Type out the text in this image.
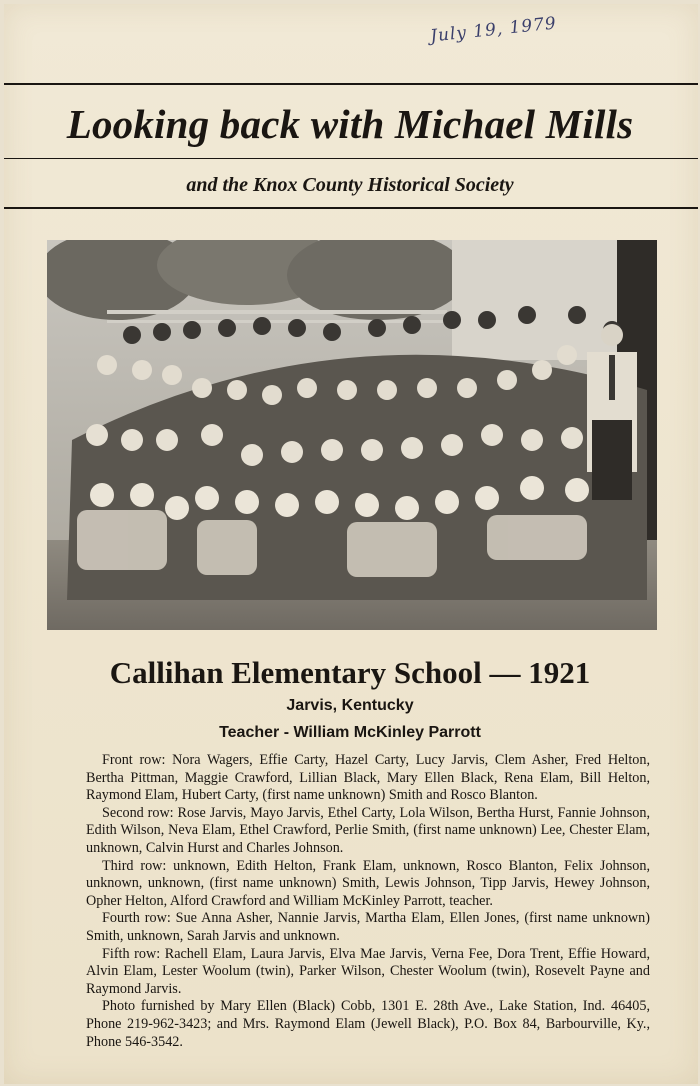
July 19, 1979
Looking back with Michael Mills
and the Knox County Historical Society
Callihan Elementary School — 1921
Jarvis, Kentucky
Teacher - William McKinley Parrott

Front row: Nora Wagers, Effie Carty, Hazel Carty, Lucy Jarvis, Clem Asher, Fred Helton, Bertha Pittman, Maggie Crawford, Lillian Black, Mary Ellen Black, Rena Elam, Bill Helton, Raymond Elam, Hubert Carty, (first name unknown) Smith and Rosco Blanton.

Second row: Rose Jarvis, Mayo Jarvis, Ethel Carty, Lola Wilson, Bertha Hurst, Fannie Johnson, Edith Wilson, Neva Elam, Ethel Crawford, Perlie Smith, (first name unknown) Lee, Chester Elam, unknown, Calvin Hurst and Charles Johnson.

Third row: unknown, Edith Helton, Frank Elam, unknown, Rosco Blanton, Felix Johnson, unknown, unknown, (first name unknown) Smith, Lewis Johnson, Tipp Jarvis, Hewey Johnson, Opher Helton, Alford Crawford and William McKinley Parrott, teacher.

Fourth row: Sue Anna Asher, Nannie Jarvis, Martha Elam, Ellen Jones, (first name unknown) Smith, unknown, Sarah Jarvis and unknown.

Fifth row: Rachell Elam, Laura Jarvis, Elva Mae Jarvis, Verna Fee, Dora Trent, Effie Howard, Alvin Elam, Lester Woolum (twin), Parker Wilson, Chester Woolum (twin), Rosevelt Payne and Raymond Jarvis.

Photo furnished by Mary Ellen (Black) Cobb, 1301 E. 28th Ave., Lake Station, Ind. 46405, Phone 219-962-3423; and Mrs. Raymond Elam (Jewell Black), P.O. Box 84, Barbourville, Ky., Phone 546-3542.
